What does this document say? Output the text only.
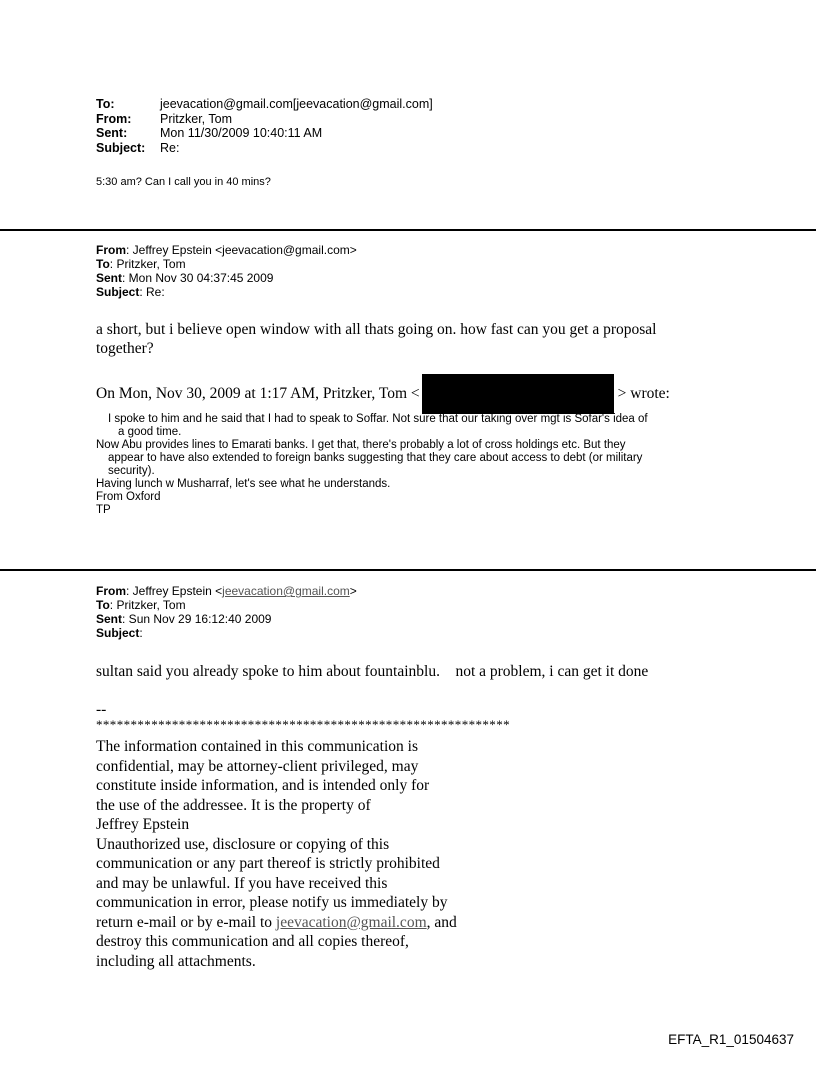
To:	jeevacation@gmail.com[jeevacation@gmail.com]
From:	Pritzker, Tom
Sent:	Mon 11/30/2009 10:40:11 AM
Subject:	Re:
5:30 am? Can I call you in 40 mins?
From: Jeffrey Epstein <jeevacation@gmail.com>
To: Pritzker, Tom
Sent: Mon Nov 30 04:37:45 2009
Subject: Re:
a short, but i believe open window with all thats going on. how fast can you get a proposal
together?
On Mon, Nov 30, 2009 at 1:17 AM, Pritzker, Tom <	> wrote:
I spoke to him and he said that I had to speak to Soffar. Not sure that our taking over mgt is Sofar's idea of
a good time.
Now Abu provides lines to Emarati banks. I get that, there's probably a lot of cross holdings etc. But they
appear to have also extended to foreign banks suggesting that they care about access to debt (or military
security).
Having lunch w Musharraf, let's see what he understands.
From Oxford
TP
From: Jeffrey Epstein <jeevacation@gmail.com>
To: Pritzker, Tom
Sent: Sun Nov 29 16:12:40 2009
Subject:
sultan said you already spoke to him about fountainblu.    not a problem, i can get it done
--
************************************************************
The information contained in this communication is
confidential, may be attorney-client privileged, may
constitute inside information, and is intended only for
the use of the addressee. It is the property of
Jeffrey Epstein
Unauthorized use, disclosure or copying of this
communication or any part thereof is strictly prohibited
and may be unlawful. If you have received this
communication in error, please notify us immediately by
return e-mail or by e-mail to jeevacation@gmail.com, and
destroy this communication and all copies thereof,
including all attachments.
EFTA_R1_01504637
